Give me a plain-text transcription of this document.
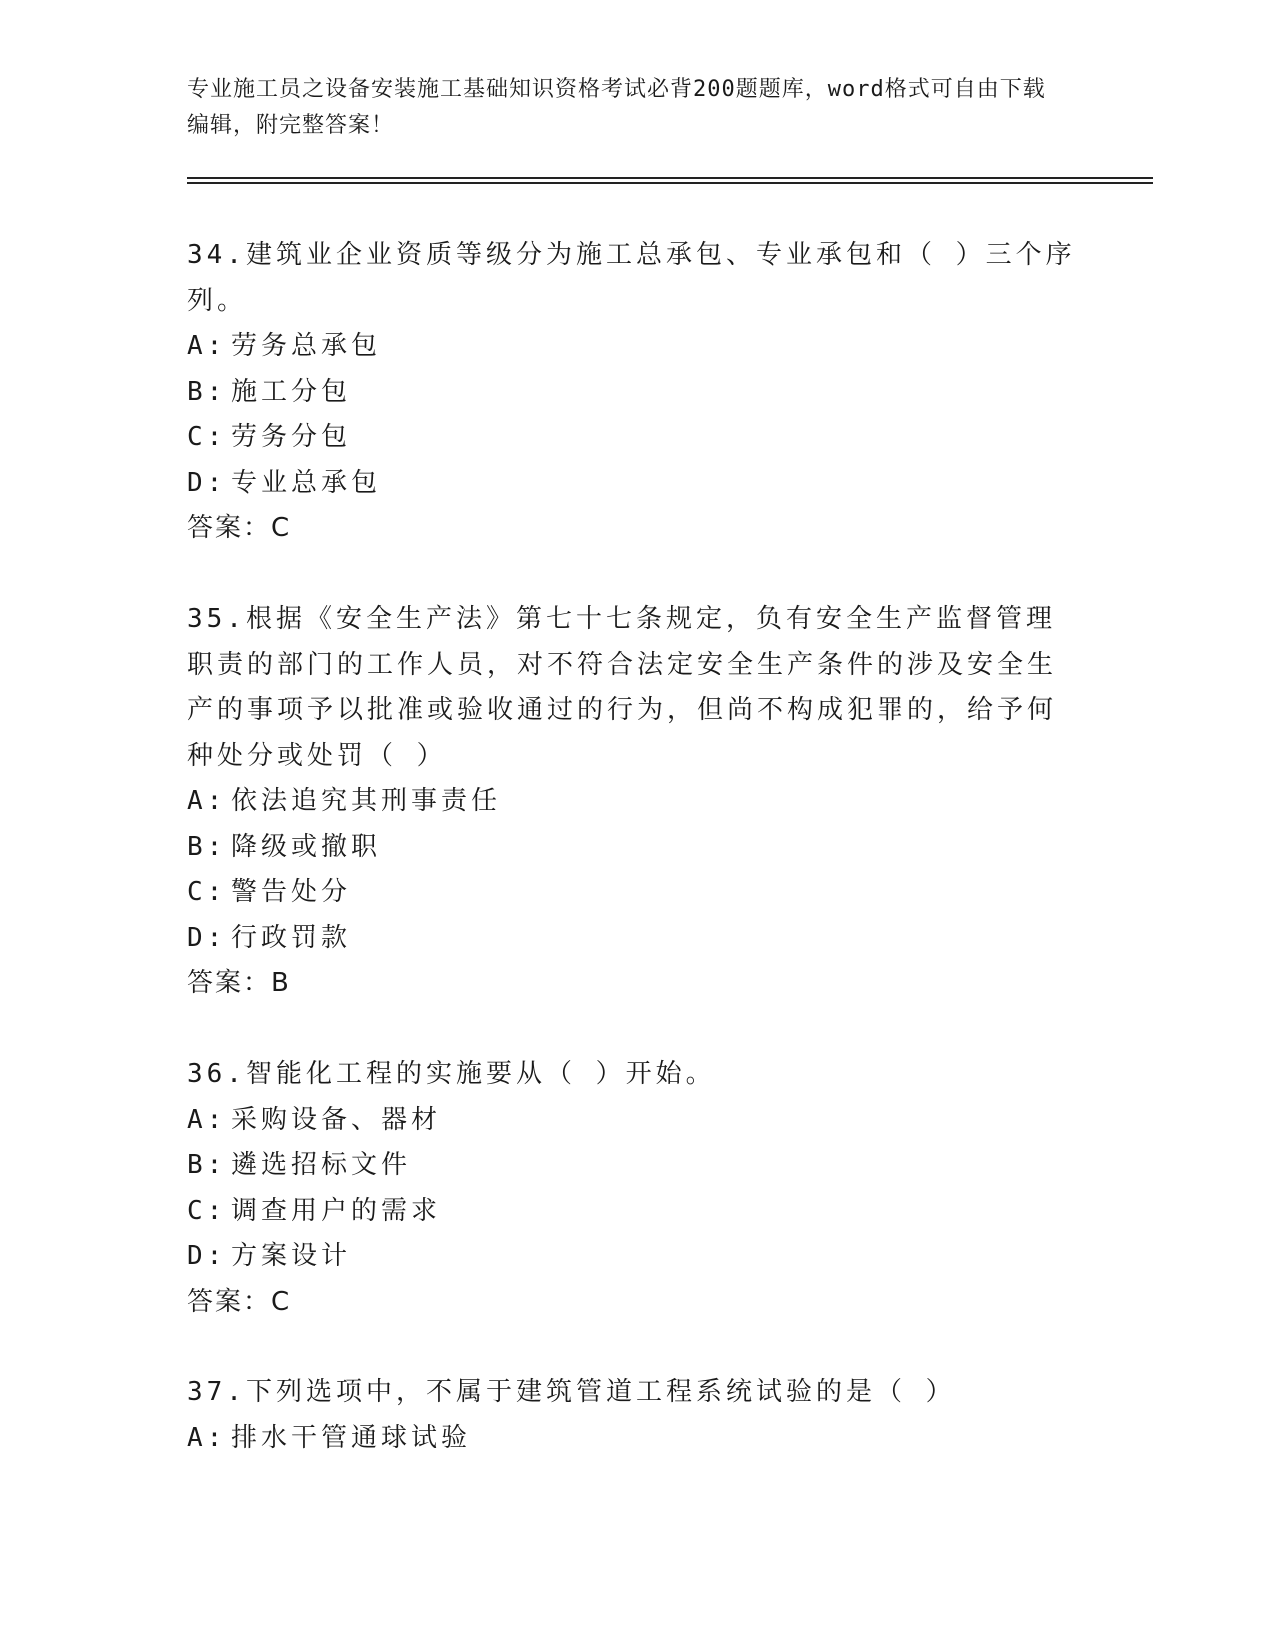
专业施工员之设备安装施工基础知识资格考试必背200题题库，word格式可自由下载编辑，附完整答案！
34.建筑业企业资质等级分为施工总承包、专业承包和（ ）三个序列。
A: 劳务总承包
B: 施工分包
C: 劳务分包
D: 专业总承包
答案：C
35.根据《安全生产法》第七十七条规定，负有安全生产监督管理职责的部门的工作人员，对不符合法定安全生产条件的涉及安全生产的事项予以批准或验收通过的行为，但尚不构成犯罪的，给予何种处分或处罚（ ）
A: 依法追究其刑事责任
B: 降级或撤职
C: 警告处分
D: 行政罚款
答案：B
36.智能化工程的实施要从（ ）开始。
A: 采购设备、器材
B: 遴选招标文件
C: 调查用户的需求
D: 方案设计
答案：C
37.下列选项中，不属于建筑管道工程系统试验的是（ ）
A: 排水干管通球试验
